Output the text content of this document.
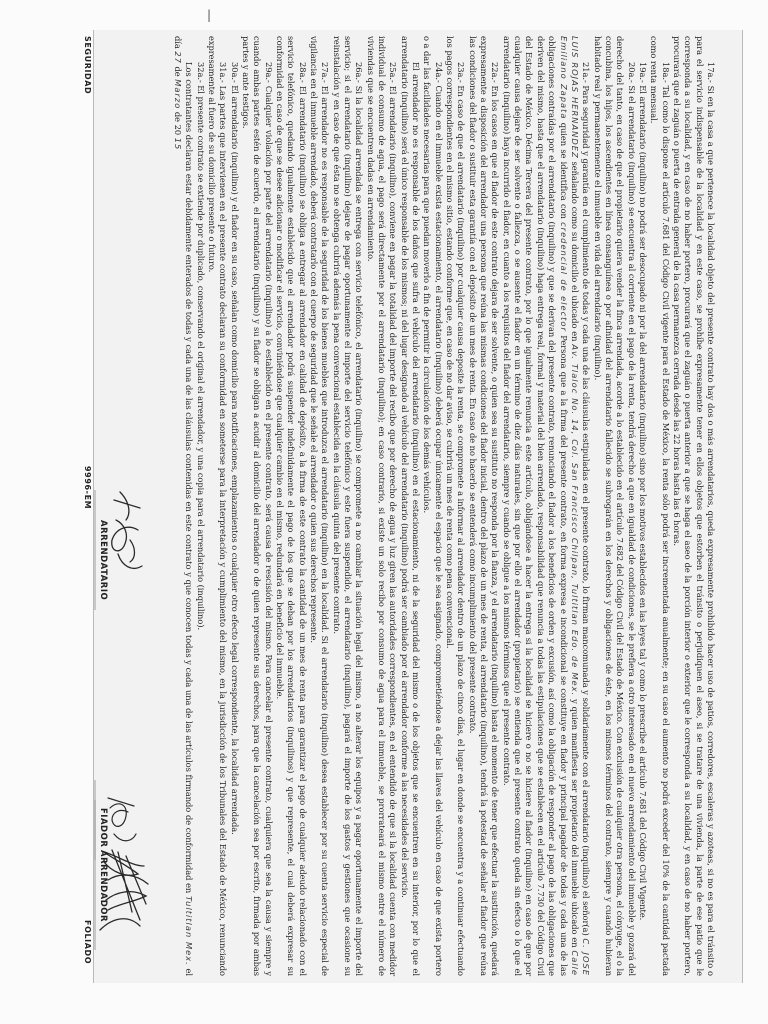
17a.- Si en la casa a que pertenece la localidad objeto del presente contrato hay dos o más arrendatarios, queda expresamente prohibido hacer uso de patios, corredores, escaleras y azoteas, si no es para el tránsito o para el servicio indispensable de la localidad y en este caso, se prohíbe expresamente tener en ellos objetos que estorben el tránsito o perjudiquen el aseo, si se tratare de una vivienda, la parte de ese patio que le corresponda a su localidad, y en caso de no haber portero, procurará que el zaguán o puerta anterior a que se haga el aseo de la porción interior o exterior que le corresponda a su localidad, y en caso de no haber portero, procurará que el zaguán o puerta de entrada general de la casa permanezca cerrada desde las 22 horas hasta las 6 horas.

18a.- Tal como lo dispone el artículo 7.681 del Código Civil vigente para el Estado de México, la renta sólo podrá ser incrementada anualmente; en su caso el aumento no podrá exceder del 10% de la cantidad pactada como renta mensual.

19a.- El arrendatario (inquilino) no podrá ser desocupado ni por la del arrendatario (inquilino) sino por los motivos establecidos en las leyes tal y como lo prescribe el artículo 7.681 del Código Civil Vigente.

20a.- Si el arrendatario (inquilino) se encuentra al corriente en el pago de la renta, tendrá derecho a que en igualdad de condiciones, se le prefiera a otro interesado en el nuevo arrendamiento del inmueble y gozará del derecho del tanto, en caso de que el propietario quiera vender la finca arrendada, acorde a lo establecido en el artículo 7.682 del Código Civil del Estado de México. Con exclusión de cualquier otra persona, el cónyuge, el o la concubina, los hijos, los ascendientes en línea consanguínea o por afinidad del arrendatario fallecido se subrogarán en los derechos y obligaciones de éste, en los mismos términos del contrato, siempre y cuando hubieran habitado real y permanentemente el inmueble en vida del arrendatario (inquilino).

21a.- Para seguridad y garantía en el cumplimiento de todas y cada una de las cláusulas estipuladas en el presente contrato, lo firman mancomunada y solidariamente con el arrendatario (inquilino) el señor(a) C. JOSE LUIS ROJAS HERNANDEZ señalando como su domicilio el ubicado en Av. Tlaloc No. 14, Col. San Francisco Chilpan, Tultitlan Edo. de Mex. y quien manifiesta ser propietario del inmueble ubicado en Calle Emiliano Zapata quien se identifica con credencial de elector Persona que a la firma del presente contrato, en forma expresa e incondicional se constituye en fiador y principal pagador de todas y cada una de las obligaciones contraídas por el arrendatario (inquilino) y que se derivan del presente contrato, renunciando el fiador a los beneficios de orden y excusión, así como la obligación de responder al pago de las obligaciones que deriven del mismo, hasta que el arrendatario (inquilino) haga entrega real, formal y material del bien arrendado, responsabilidad que renuncia a todas las estipulaciones que se establecen en el artículo 7.730 del Código Civil del Estado de México. Décima Tercera del presente contrato, por lo que igualmente renuncia a este artículo, obligándose a hacer la entrega si la localidad se hiciere o no se hiciere al fiador (inquilino) en caso de que por cualquier causa dejare de ser solvente o fallezca, o se ausente el fiador en un término de diez días naturales, sin que por ello el arrendador (propietario) se entienda que el presente contrato queda sin efecto o lo que el arrendatario (inquilino) haya incurrido el fiador, en cuanto a los requisitos del fiador del arrendatario, siempre y cuando se obligue a los mismos términos que el presente contrato.

22a.- En los casos en que el fiador de este contrato dejara de ser solvente, o quien sea su sustituto no responda por la fianza, y el arrendatario (inquilino) hasta el momento de tener que efectuar la sustitución, quedará expresamente a disposición del arrendador una persona que reúna las mismas condiciones del fiador inicial, dentro del plazo de un mes de renta, el arrendatario (inquilino), tendrá la potestad de señalar el fiador que reúna las condiciones del fiador o sustituir esta garantía con el depósito de un mes de renta. En caso de no hacerlo se entenderá como incumplimiento del presente contrato.

23a.- En caso de que el arrendatario (inquilino) por cualquier causa deposite la renta, se compromete a informar al arrendador dentro de un plazo de cinco días, el lugar en donde se encuentra y a continuar efectuando los pagos correspondientes en el mismo sitio, estando conforme que, en caso de no dar aviso, se cubrirá un mes de renta como pena convencional.

24a.- Cuando en el inmueble exista estacionamiento, el arrendatario (inquilino) deberá ocupar únicamente el espacio que le sea asignado, comprometiéndose a dejar las llaves del vehículo en caso de que exista portero o a dar las facilidades necesarias para que puedan moverlo a fin de permitir la circulación de los demás vehículos.

El arrendador no es responsable de los daños que sufra el vehículo del arrendatario (inquilino) en el estacionamiento, ni de la seguridad del mismo o de los objetos que se encuentren en su interior, por lo que el arrendatario (inquilino) será el único responsable de los mismos; ni del lugar designado al vehículo del arrendatario (inquilino) podrá ser cambiado por el arrendador conforme a las necesidades del servicio.

25a.- El arrendatario (inquilino), conviene en pagar la totalidad del importe del recibo que por derecho de agua y luz giren las autoridades correspondientes, en el entendido de que si la localidad cuenta con medidor individual de consumo de agua, el pago será directamente por el arrendatario (inquilino); en caso contrario, si existe un solo recibo por consumo de agua para el inmueble, se prorrateará el mismo entre el número de viviendas que se encuentren dadas en arrendamiento.

26a.- Si la localidad arrendada se entrega con servicio telefónico, el arrendatario (inquilino) se compromete a no cambiar la situación legal del mismo, a no alterar los equipos y a pagar oportunamente el importe del servicio; si el arrendatario (inquilino) dejare de pagar oportunamente el importe del servicio telefónico y este fuera suspendido, el arrendatario (inquilino), pagará el importe de los gastos y gestiones que ocasione su reinstalación y en caso de que ésta no se obtenga cubrirá además la pena convencional establecida en la cláusula quinta del presente contrato.

27a.- El arrendador no es responsable de la seguridad de los bienes muebles que introduzca el arrendatario (inquilino) en la localidad. Si el arrendatario (inquilino) desea establecer por su cuenta servicio especial de vigilancia en el inmueble arrendado, deberá contratarlo con el cuerpo de seguridad que le señale el arrendador o quien sus derechos represente.

28a.- El arrendatario (inquilino) se obliga a entregar al arrendador en calidad de depósito, a la firma de este contrato la cantidad de un mes de renta para garantizar el pago de cualquier adeudo relacionado con el servicio telefónico, quedando igualmente establecido que el arrendador podrá suspender indefinidamente el pago de los que se deban por los arrendatarios (inquilinos) y que represente, el cual deberá expresar su conformidad en caso de que se desee adicionar o modificar el servicio, conviniéndose que cualquier cambio en el mismo, redundará en beneficio del inmueble.

29a.- Cualquier violación por parte del arrendatario (inquilino) a lo establecido en el presente contrato, será causa de rescisión del mismo. Para cancelar el presente contrato, cualquiera que sea la causa y siempre y cuando ambas partes estén de acuerdo, el arrendatario (inquilino) y su fiador se obligan a acudir al domicilio del arrendador o de quien represente sus derechos, para que la cancelación sea por escrito, firmada por ambas partes y ante testigos.

30a.- El arrendatario (inquilino) y el fiador en su caso, señalan como domicilio para notificaciones, emplazamientos o cualquier otro efecto legal correspondiente, la localidad arrendada.

31a.- Las partes que intervienen en el presente contrato declaran su conformidad en someterse para la interpretación y cumplimiento del mismo, en la jurisdicción de los Tribunales del Estado de México, renunciando expresamente al fuero de su domicilio presente o futuro.

32a.- El presente contrato se extiende por duplicado, conservando el original el arrendador, y una copia para el arrendatario (inquilino).

Los contratantes declaran estar debidamente enterados de todas y cada una de las cláusulas contenidas en este contrato y que conocen todas y cada una de las artículos firmando de conformidad en Tultitlan Mex. el día 27 de Marzo de 20 15

|
ARRENDADOR
ARRENDATARIO
FIADOR
SEGURIDAD
9996-EM
FOLIADO
